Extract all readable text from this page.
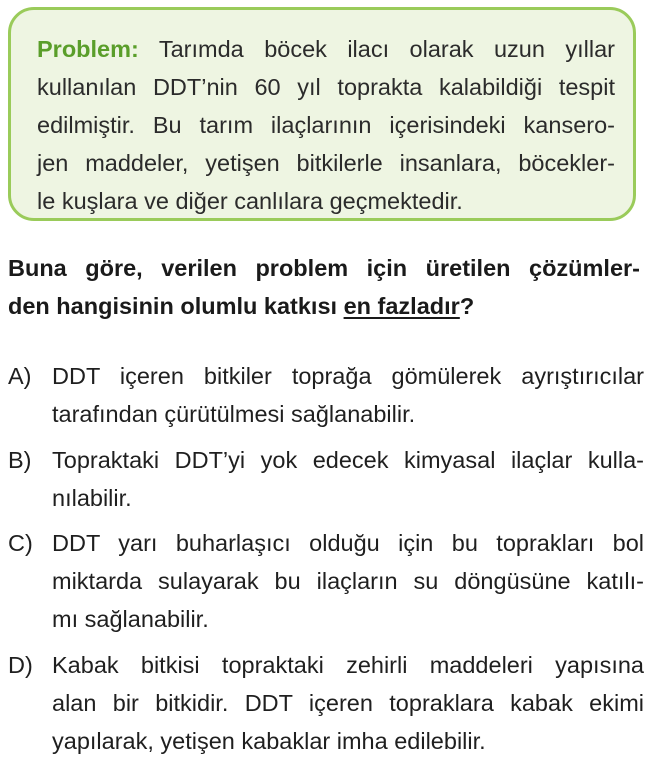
Problem: Tarımda böcek ilacı olarak uzun yıllar
kullanılan DDT’nin 60 yıl toprakta kalabildiği tespit
edilmiştir. Bu tarım ilaçlarının içerisindeki kansero-
jen maddeler, yetişen bitkilerle insanlara, böcekler-
le kuşlara ve diğer canlılara geçmektedir.
Buna göre, verilen problem için üretilen çözümler-
den hangisinin olumlu katkısı en fazladır?
A) DDT içeren bitkiler toprağa gömülerek ayrıştırıcılar
tarafından çürütülmesi sağlanabilir.
B) Topraktaki DDT’yi yok edecek kimyasal ilaçlar kulla-
nılabilir.
C) DDT yarı buharlaşıcı olduğu için bu toprakları bol
miktarda sulayarak bu ilaçların su döngüsüne katılı-
mı sağlanabilir.
D) Kabak bitkisi topraktaki zehirli maddeleri yapısına
alan bir bitkidir. DDT içeren topraklara kabak ekimi
yapılarak, yetişen kabaklar imha edilebilir.
